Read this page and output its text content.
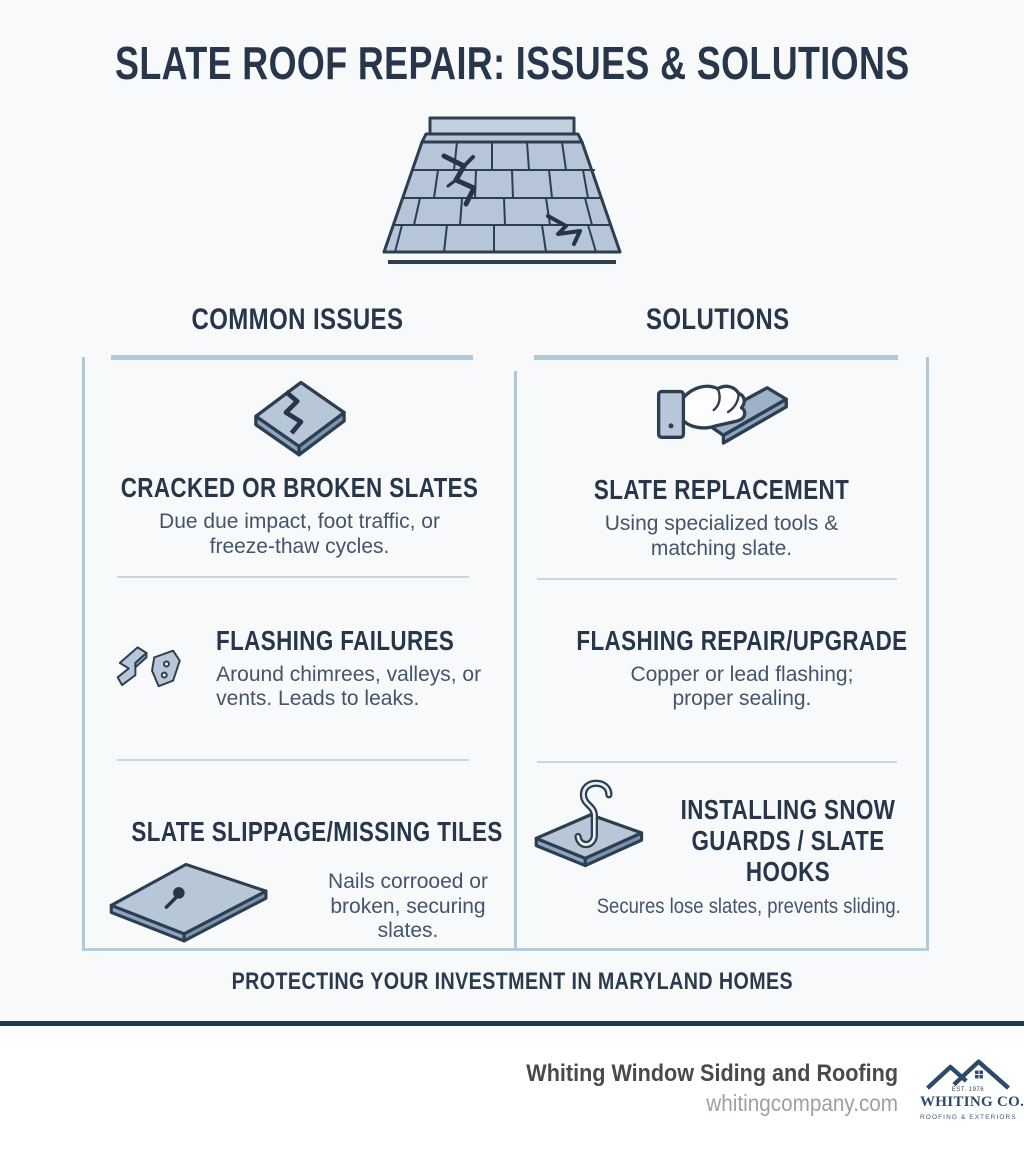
SLATE ROOF REPAIR: ISSUES & SOLUTIONS
COMMON ISSUES	SOLUTIONS
CRACKED OR BROKEN SLATES
Due due impact, foot traffic, or freeze-thaw cycles.
SLATE REPLACEMENT
Using specialized tools & matching slate.
FLASHING FAILURES
Around chimrees, valleys, or vents. Leads to leaks.
FLASHING REPAIR/UPGRADE
Copper or lead flashing; proper sealing.
SLATE SLIPPAGE/MISSING TILES
Nails corrooed or broken, securing slates.
INSTALLING SNOW GUARDS / SLATE HOOKS
Secures lose slates, prevents sliding.
PROTECTING YOUR INVESTMENT IN MARYLAND HOMES
Whiting Window Siding and Roofing
whitingcompany.com	EST. 1976
WHITING CO.
ROOFING & EXTERIORS
